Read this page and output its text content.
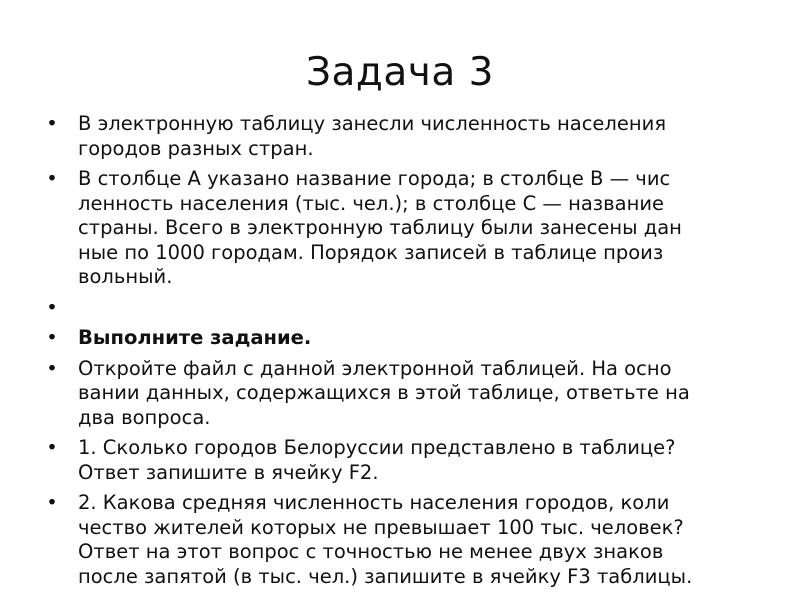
Задача 3
• В электронную таблицу занесли численность населения
городов разных стран.
• В столбце А указано название города; в столбце В — чис
ленность населения (тыс. чел.); в столбце С — название
страны. Всего в электронную таблицу были занесены дан
ные по 1000 городам. Порядок записей в таблице произ
вольный.
•
• Выполните задание.
• Откройте файл с данной электронной таблицей. На осно
вании данных, содержащихся в этой таблице, ответьте на
два вопроса.
• 1. Сколько городов Белоруссии представлено в таблице?
Ответ запишите в ячейку F2.
• 2. Какова средняя численность населения городов, коли
чество жителей которых не превышает 100 тыс. человек?
Ответ на этот вопрос с точностью не менее двух знаков
после запятой (в тыс. чел.) запишите в ячейку F3 таблицы.
